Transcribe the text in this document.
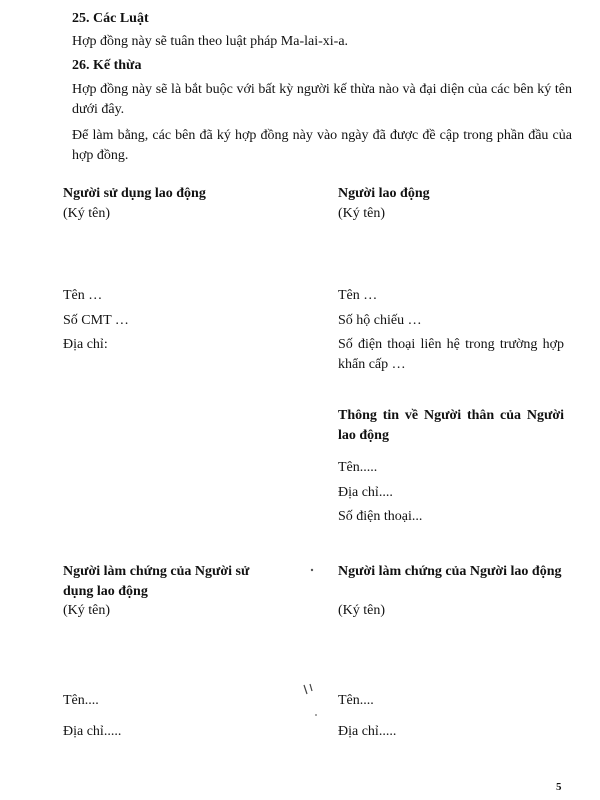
25. Các Luật
Hợp đồng này sẽ tuân theo luật pháp Ma-lai-xi-a.
26. Kế thừa
Hợp đồng này sẽ là bắt buộc với bất kỳ người kế thừa nào và đại diện của các bên ký tên dưới đây.
Để làm bằng, các bên đã ký hợp đồng này vào ngày đã được đề cập trong phần đầu của hợp đồng.
Người sử dụng lao động
(Ký tên)
Tên …
Số CMT …
Địa chỉ:
Người lao động
(Ký tên)
Tên …
Số hộ chiếu …
Số điện thoại liên hệ trong trường hợp khẩn cấp …
Thông tin về Người thân của Người lao động
Tên.....
Địa chỉ....
Số điện thoại...
Người làm chứng của Người sử dụng lao động
(Ký tên)
Tên....
Địa chỉ.....
Người làm chứng của Người lao động
(Ký tên)
Tên....
Địa chỉ.....
5
